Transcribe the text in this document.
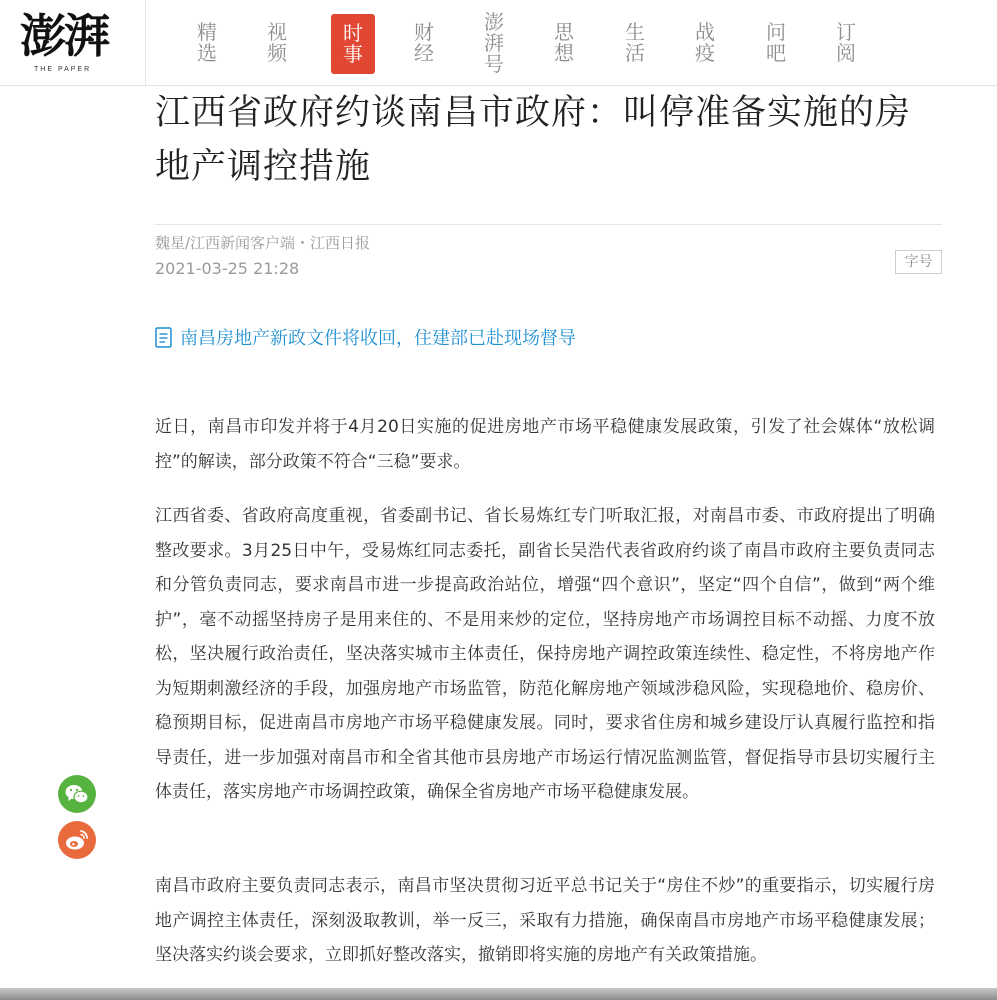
澎湃
THE PAPER
精选
视频
时事
财经
澎湃号
思想
生活
战疫
问吧
订阅
江西省政府约谈南昌市政府：叫停准备实施的房地产调控措施
魏星/江西新闻客户端・江西日报
2021-03-25 21:28	字号
南昌房地产新政文件将收回，住建部已赴现场督导

近日，南昌市印发并将于4月20日实施的促进房地产市场平稳健康发展政策，引发了社会媒体“放松调控”的解读，部分政策不符合“三稳”要求。

江西省委、省政府高度重视，省委副书记、省长易炼红专门听取汇报，对南昌市委、市政府提出了明确整改要求。3月25日中午，受易炼红同志委托，副省长吴浩代表省政府约谈了南昌市政府主要负责同志和分管负责同志，要求南昌市进一步提高政治站位，增强“四个意识”，坚定“四个自信”，做到“两个维护”，毫不动摇坚持房子是用来住的、不是用来炒的定位，坚持房地产市场调控目标不动摇、力度不放松，坚决履行政治责任，坚决落实城市主体责任，保持房地产调控政策连续性、稳定性，不将房地产作为短期刺激经济的手段，加强房地产市场监管，防范化解房地产领域涉稳风险，实现稳地价、稳房价、稳预期目标，促进南昌市房地产市场平稳健康发展。同时，要求省住房和城乡建设厅认真履行监控和指导责任，进一步加强对南昌市和全省其他市县房地产市场运行情况监测监管，督促指导市县切实履行主体责任，落实房地产市场调控政策，确保全省房地产市场平稳健康发展。

南昌市政府主要负责同志表示，南昌市坚决贯彻习近平总书记关于“房住不炒”的重要指示，切实履行房地产调控主体责任，深刻汲取教训，举一反三，采取有力措施，确保南昌市房地产市场平稳健康发展；坚决落实约谈会要求，立即抓好整改落实，撤销即将实施的房地产有关政策措施。
